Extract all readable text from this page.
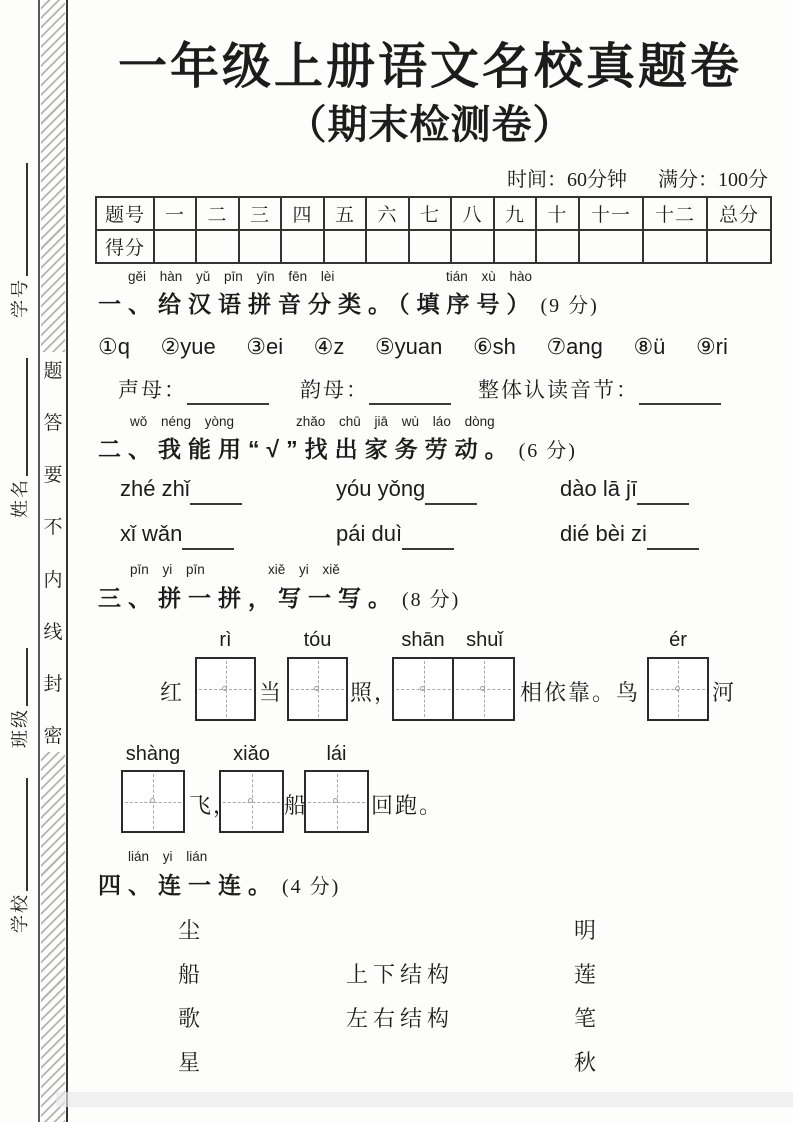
学号
姓名
班级
学校
题
答
要
不
内
线
封
密
一年级上册语文名校真题卷
（期末检测卷）
时间：60分钟 满分：100分
题号	一	二	三	四	五	六	七	八	九	十	十一	十二	总分
得分													
gěi hàn yǔ pīn yīn fēn lèi	tián xù hào
一、给汉语拼音分类。（填序号） (9 分)
①q ②yue ③ei ④z ⑤yuan ⑥sh ⑦ang ⑧ü ⑨ri
声母：	韵母：	整体认读音节：
wǒ néng yòng	zhǎo chū jiā wù láo dòng
二、我能用“√”找出家务劳动。 (6 分)
zhé zhǐ	yóu yǒng	dào lā jī
xǐ wǎn	pái duì	dié bèi zi
pīn yi pīn	xiě yi xiě
三、拼一拼，写一写。 (8 分)
rì	tóu	shān	shuǐ	ér
红	当	照，	相依靠。鸟	河
shàng	xiǎo	lái
飞， 船	回跑。
lián yi lián
四、连一连。 (4 分)
尘
船
歌
星
上下结构
左右结构
明
莲
笔
秋
